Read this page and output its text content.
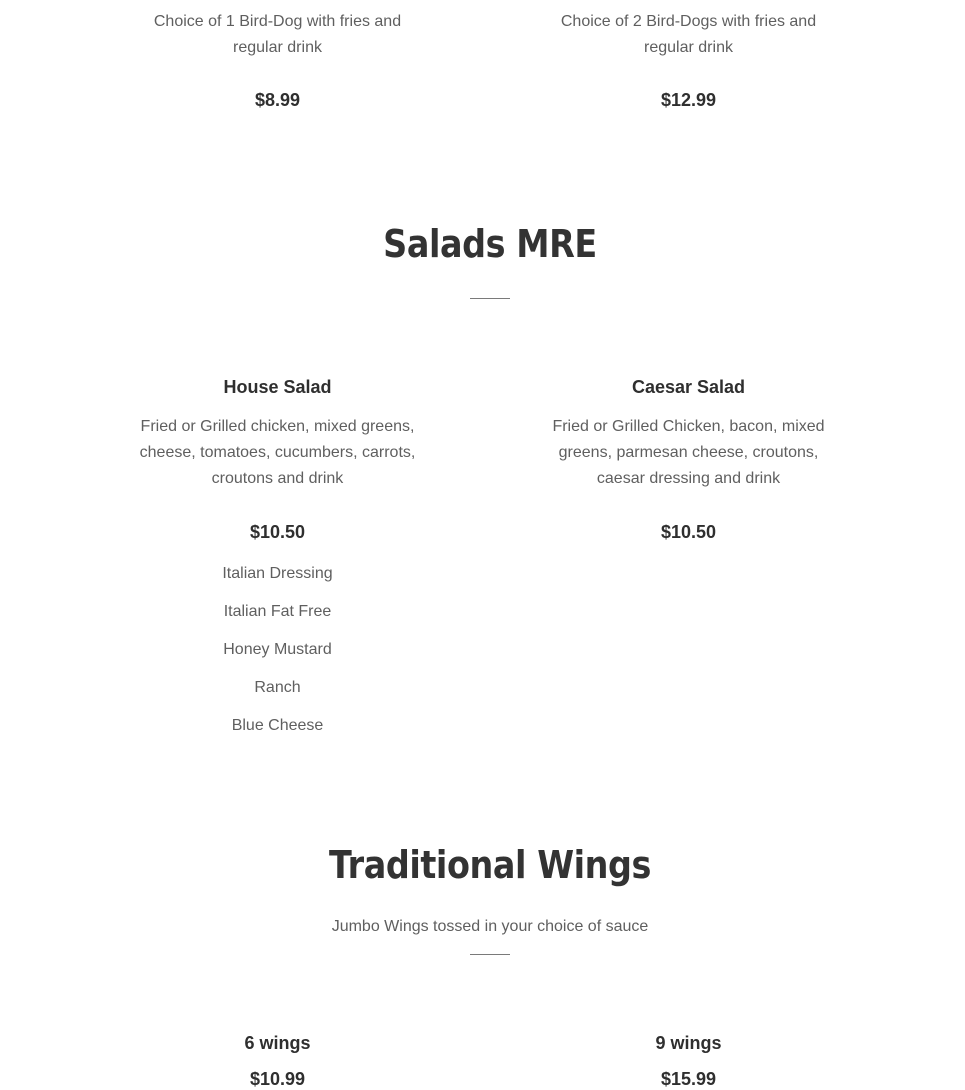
Choice of 1 Bird-Dog with fries and regular drink
$8.99
Choice of 2 Bird-Dogs with fries and regular drink
$12.99
Salads MRE
House Salad
Fried or Grilled chicken, mixed greens, cheese, tomatoes, cucumbers, carrots, croutons and drink
$10.50
Italian Dressing
Italian Fat Free
Honey Mustard
Ranch
Blue Cheese
Caesar Salad
Fried or Grilled Chicken, bacon, mixed greens, parmesan cheese, croutons, caesar dressing and drink
$10.50
Traditional Wings
Jumbo Wings tossed in your choice of sauce
6 wings
$10.99
9 wings
$15.99
